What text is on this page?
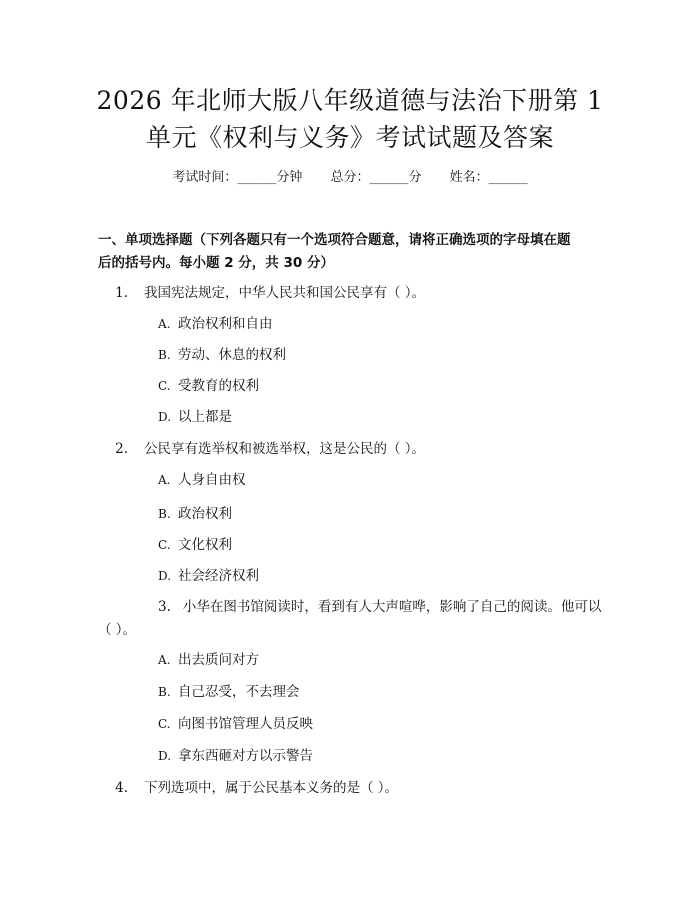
2026 年北师大版八年级道德与法治下册第 1
单元《权利与义务》考试试题及答案
考试时间：______分钟 总分：______分 姓名：______
一、单项选择题（下列各题只有一个选项符合题意，请将正确选项的字母填在题
后的括号内。每小题 2 分，共 30 分）
1. 我国宪法规定，中华人民共和国公民享有（ ）。
A. 政治权利和自由
B. 劳动、休息的权利
C. 受教育的权利
D. 以上都是
2. 公民享有选举权和被选举权，这是公民的（ ）。
A. 人身自由权
B. 政治权利
C. 文化权利
D. 社会经济权利
3. 小华在图书馆阅读时，看到有人大声喧哗，影响了自己的阅读。他可以（ ）。
A. 出去质问对方
B. 自己忍受，不去理会
C. 向图书馆管理人员反映
D. 拿东西砸对方以示警告
4. 下列选项中，属于公民基本义务的是（ ）。
